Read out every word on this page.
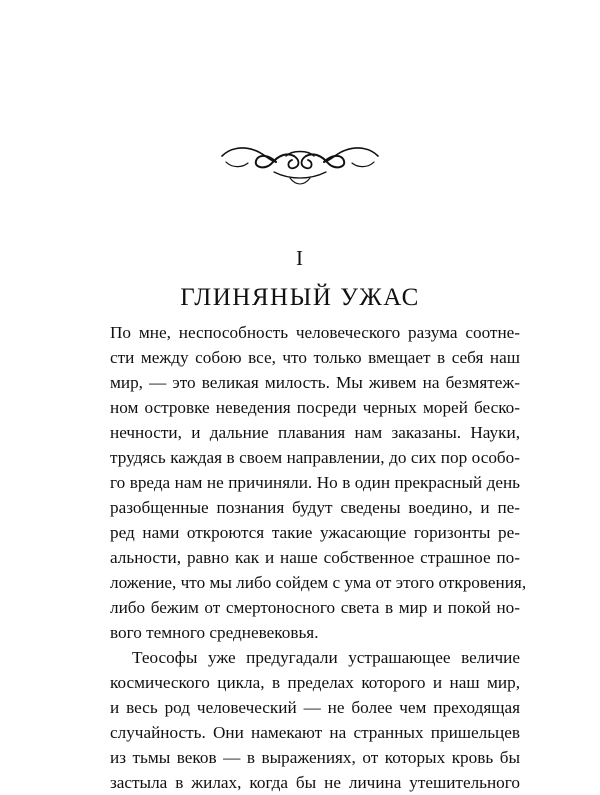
I
ГЛИНЯНЫЙ УЖАС
По мне, неспособность человеческого разума соотне-
сти между собою все, что только вмещает в себя наш
мир, — это великая милость. Мы живем на безмятеж-
ном островке неведения посреди черных морей беско-
нечности, и дальние плавания нам заказаны. Науки,
трудясь каждая в своем направлении, до сих пор особо-
го вреда нам не причиняли. Но в один прекрасный день
разобщенные познания будут сведены воедино, и пе-
ред нами откроются такие ужасающие горизонты ре-
альности, равно как и наше собственное страшное по-
ложение, что мы либо сойдем с ума от этого откровения,
либо бежим от смертоносного света в мир и покой но-
вого темного средневековья.
Теософы уже предугадали устрашающее величие
космического цикла, в пределах которого и наш мир,
и весь род человеческий — не более чем преходящая
случайность. Они намекают на странных пришельцев
из тьмы веков — в выражениях, от которых кровь бы
застыла в жилах, когда бы не личина утешительного
